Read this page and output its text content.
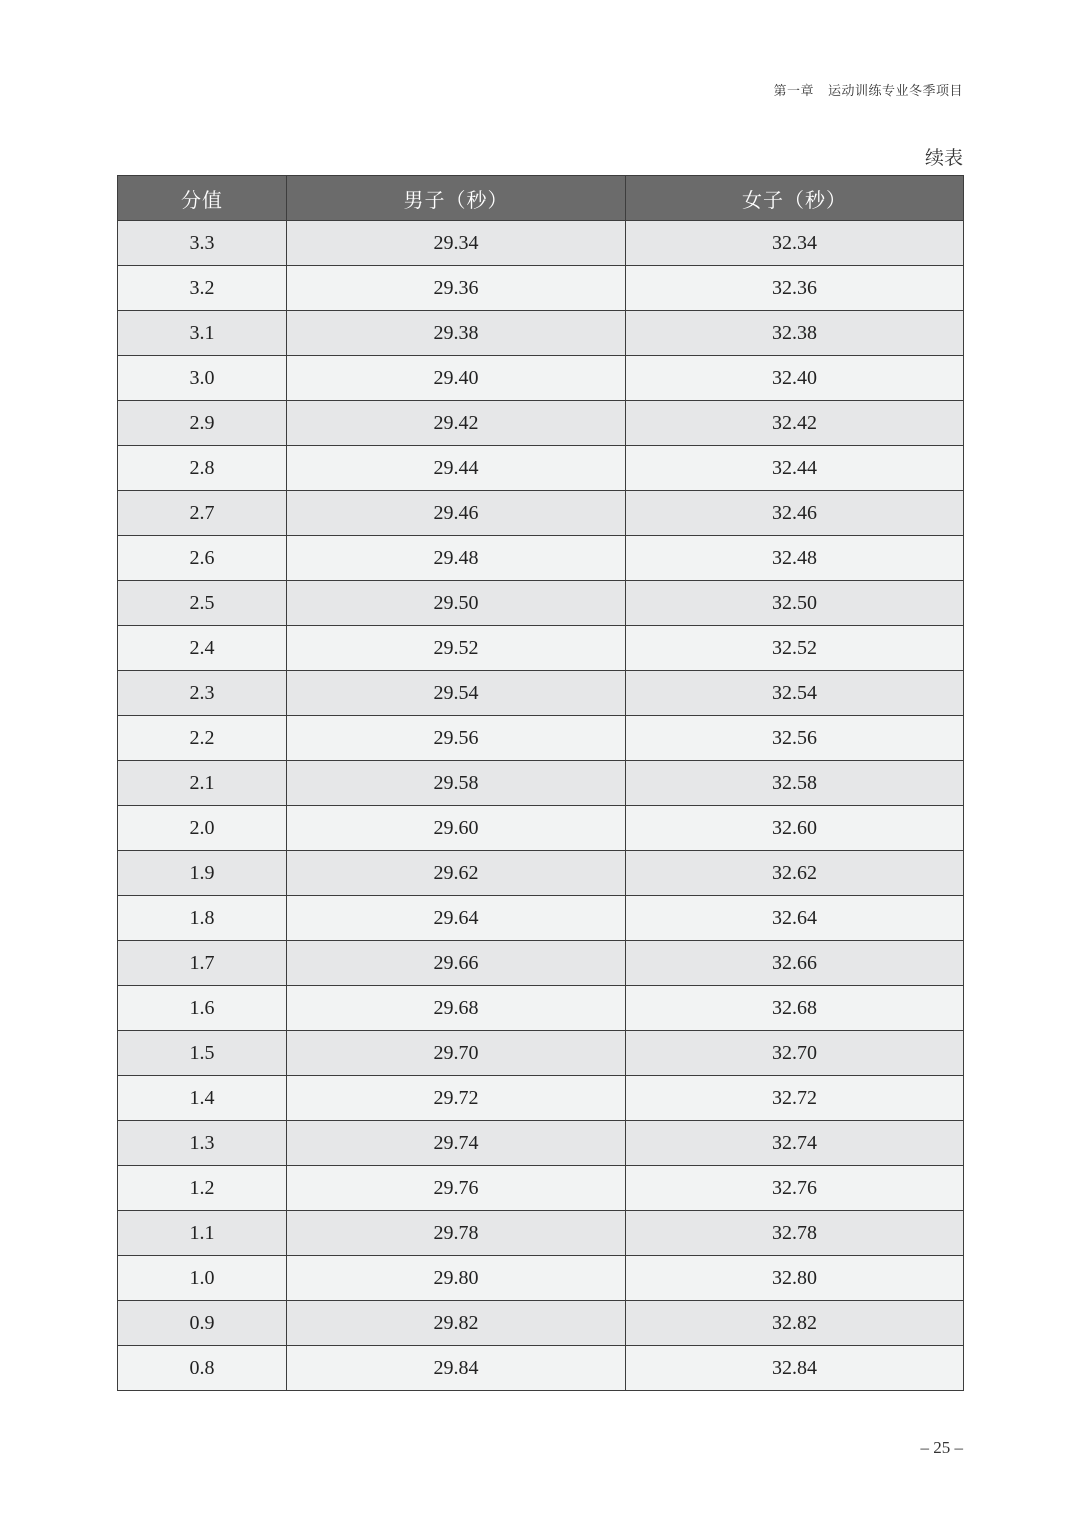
第一章 运动训练专业冬季项目
续表
分值	男子（秒）	女子（秒）
3.3	29.34	32.34
3.2	29.36	32.36
3.1	29.38	32.38
3.0	29.40	32.40
2.9	29.42	32.42
2.8	29.44	32.44
2.7	29.46	32.46
2.6	29.48	32.48
2.5	29.50	32.50
2.4	29.52	32.52
2.3	29.54	32.54
2.2	29.56	32.56
2.1	29.58	32.58
2.0	29.60	32.60
1.9	29.62	32.62
1.8	29.64	32.64
1.7	29.66	32.66
1.6	29.68	32.68
1.5	29.70	32.70
1.4	29.72	32.72
1.3	29.74	32.74
1.2	29.76	32.76
1.1	29.78	32.78
1.0	29.80	32.80
0.9	29.82	32.82
0.8	29.84	32.84
– 25 –
